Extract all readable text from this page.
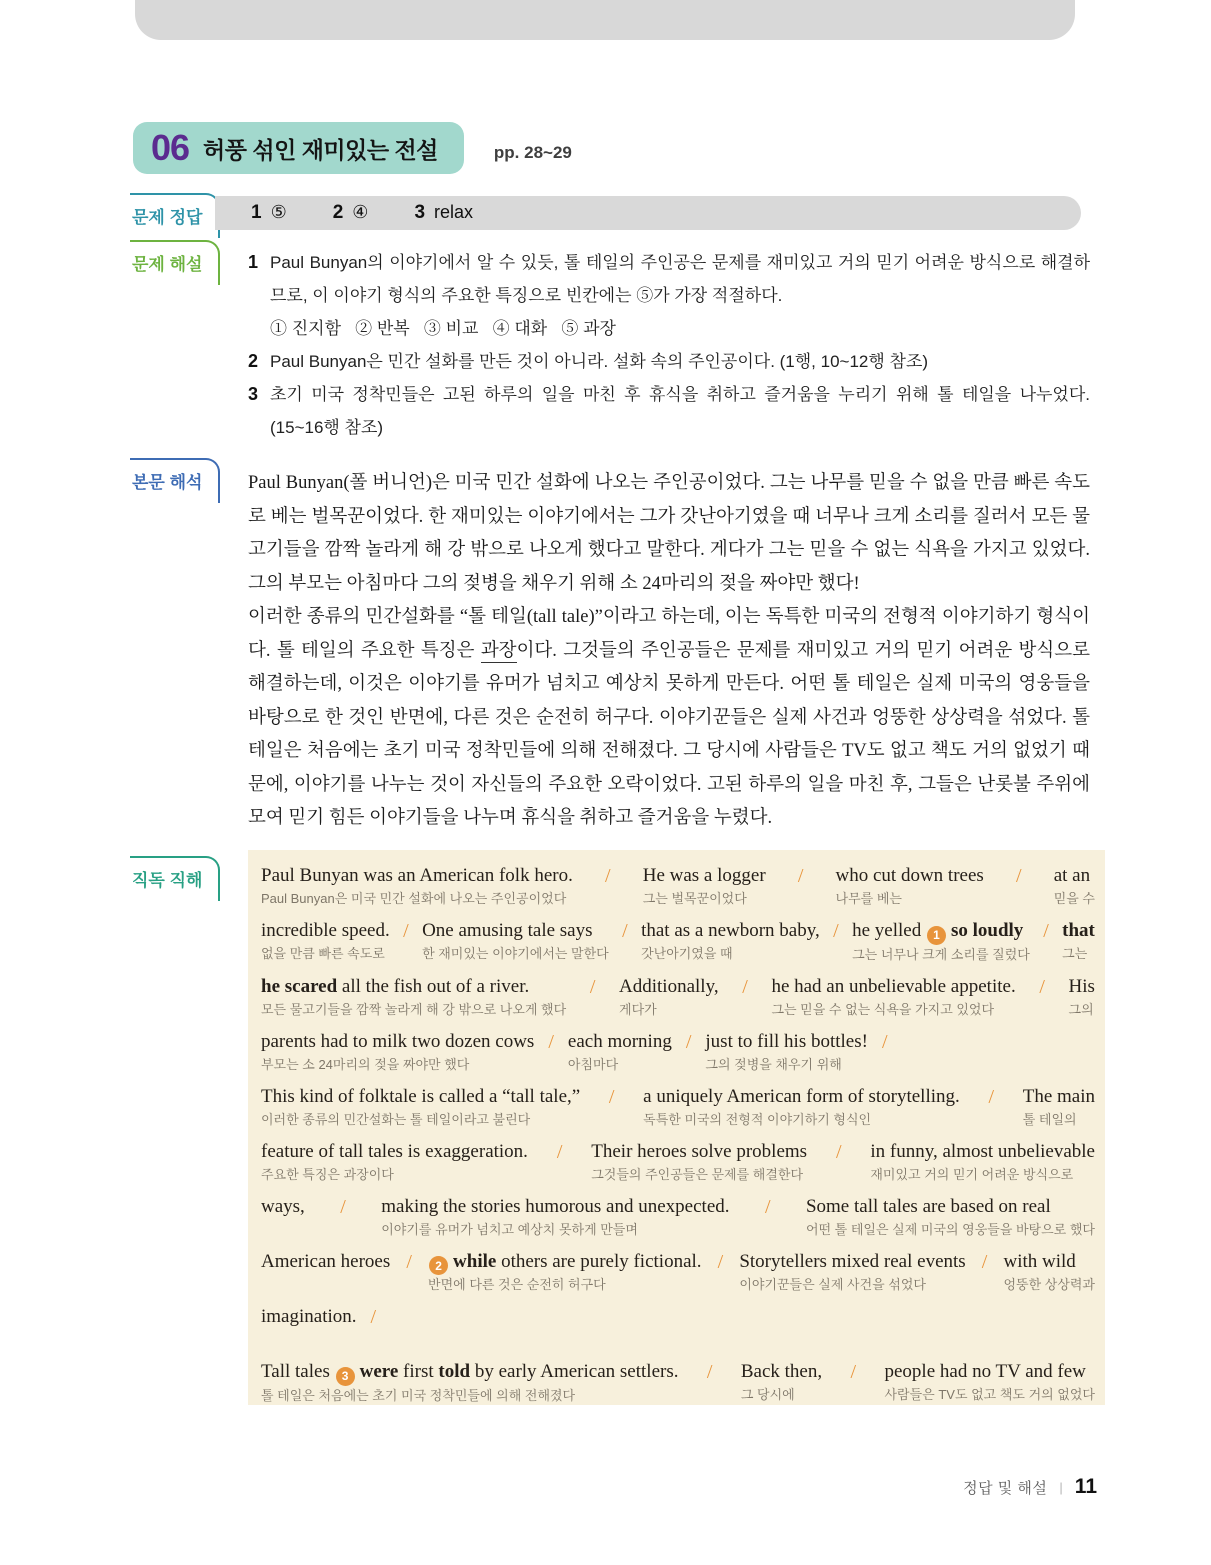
06 허풍 섞인 재미있는 전설	pp. 28~29
문제 정답	1 ⑤ 2 ④ 3 relax
문제 해설	1 Paul Bunyan의 이야기에서 알 수 있듯, 톨 테일의 주인공은 문제를 재미있고 거의 믿기 어려운 방식으로 해결하므로, 이 이야기 형식의 주요한 특징으로 빈칸에는 ⑤가 가장 적절하다.
① 진지함   ② 반복   ③ 비교   ④ 대화   ⑤ 과장
2 Paul Bunyan은 민간 설화를 만든 것이 아니라. 설화 속의 주인공이다. (1행, 10~12행 참조)
3 초기 미국 정착민들은 고된 하루의 일을 마친 후 휴식을 취하고 즐거움을 누리기 위해 톨 테일을 나누었다. (15~16행 참조)
본문 해석	Paul Bunyan(폴 버니언)은 미국 민간 설화에 나오는 주인공이었다. 그는 나무를 믿을 수 없을 만큼 빠른 속도로 베는 벌목꾼이었다. 한 재미있는 이야기에서는 그가 갓난아기였을 때 너무나 크게 소리를 질러서 모든 물고기들을 깜짝 놀라게 해 강 밖으로 나오게 했다고 말한다. 게다가 그는 믿을 수 없는 식욕을 가지고 있었다. 그의 부모는 아침마다 그의 젖병을 채우기 위해 소 24마리의 젖을 짜야만 했다!

이러한 종류의 민간설화를 “톨 테일(tall tale)”이라고 하는데, 이는 독특한 미국의 전형적 이야기하기 형식이다. 톨 테일의 주요한 특징은 과장이다. 그것들의 주인공들은 문제를 재미있고 거의 믿기 어려운 방식으로 해결하는데, 이것은 이야기를 유머가 넘치고 예상치 못하게 만든다. 어떤 톨 테일은 실제 미국의 영웅들을 바탕으로 한 것인 반면에, 다른 것은 순전히 허구다. 이야기꾼들은 실제 사건과 엉뚱한 상상력을 섞었다. 톨 테일은 처음에는 초기 미국 정착민들에 의해 전해졌다. 그 당시에 사람들은 TV도 없고 책도 거의 없었기 때문에, 이야기를 나누는 것이 자신들의 주요한 오락이었다. 고된 하루의 일을 마친 후, 그들은 난롯불 주위에 모여 믿기 힘든 이야기들을 나누며 휴식을 취하고 즐거움을 누렸다.

직독 직해	Paul Bunyan was an American folk hero.
Paul Bunyan은 미국 민간 설화에 나오는 주인공이었다
/ He was a logger
그는 벌목꾼이었다
/ who cut down trees
나무를 베는
/ at an
믿을 수
incredible speed.
없을 만큼 빠른 속도로
/ One amusing tale says
한 재미있는 이야기에서는 말한다
/ that as a newborn baby,
갓난아기였을 때
/ he yelled 1 so loudly
그는 너무나 크게 소리를 질렀다
/ that
그는
he scared all the fish out of a river.
모든 물고기들을 깜짝 놀라게 해 강 밖으로 나오게 했다
/ Additionally,
게다가
/ he had an unbelievable appetite.
그는 믿을 수 없는 식욕을 가지고 있었다
/ His
그의
parents had to milk two dozen cows
부모는 소 24마리의 젖을 짜야만 했다
/ each morning
아침마다
/ just to fill his bottles!
그의 젖병을 채우기 위해
/
This kind of folktale is called a “tall tale,”
이러한 종류의 민간설화는 톨 테일이라고 불린다
/ a uniquely American form of storytelling.
독특한 미국의 전형적 이야기하기 형식인
/ The main
톨 테일의
feature of tall tales is exaggeration.
주요한 특징은 과장이다
/ Their heroes solve problems
그것들의 주인공들은 문제를 해결한다
/ in funny, almost unbelievable
재미있고 거의 믿기 어려운 방식으로
ways,
/ making the stories humorous and unexpected.
이야기를 유머가 넘치고 예상치 못하게 만들며
/ Some tall tales are based on real
어떤 톨 테일은 실제 미국의 영웅들을 바탕으로 했다
American heroes
/	2 while others are purely fictional.
반면에 다른 것은 순전히 허구다
/ Storytellers mixed real events
이야기꾼들은 실제 사건을 섞었다
/ with wild
엉뚱한 상상력과
imagination.
/
Tall tales 3 were first told by early American settlers.
톨 테일은 처음에는 초기 미국 정착민들에 의해 전해졌다
/ Back then,
그 당시에
/ people had no TV and few
사람들은 TV도 없고 책도 거의 없었다
정답 및 해설 | 11
